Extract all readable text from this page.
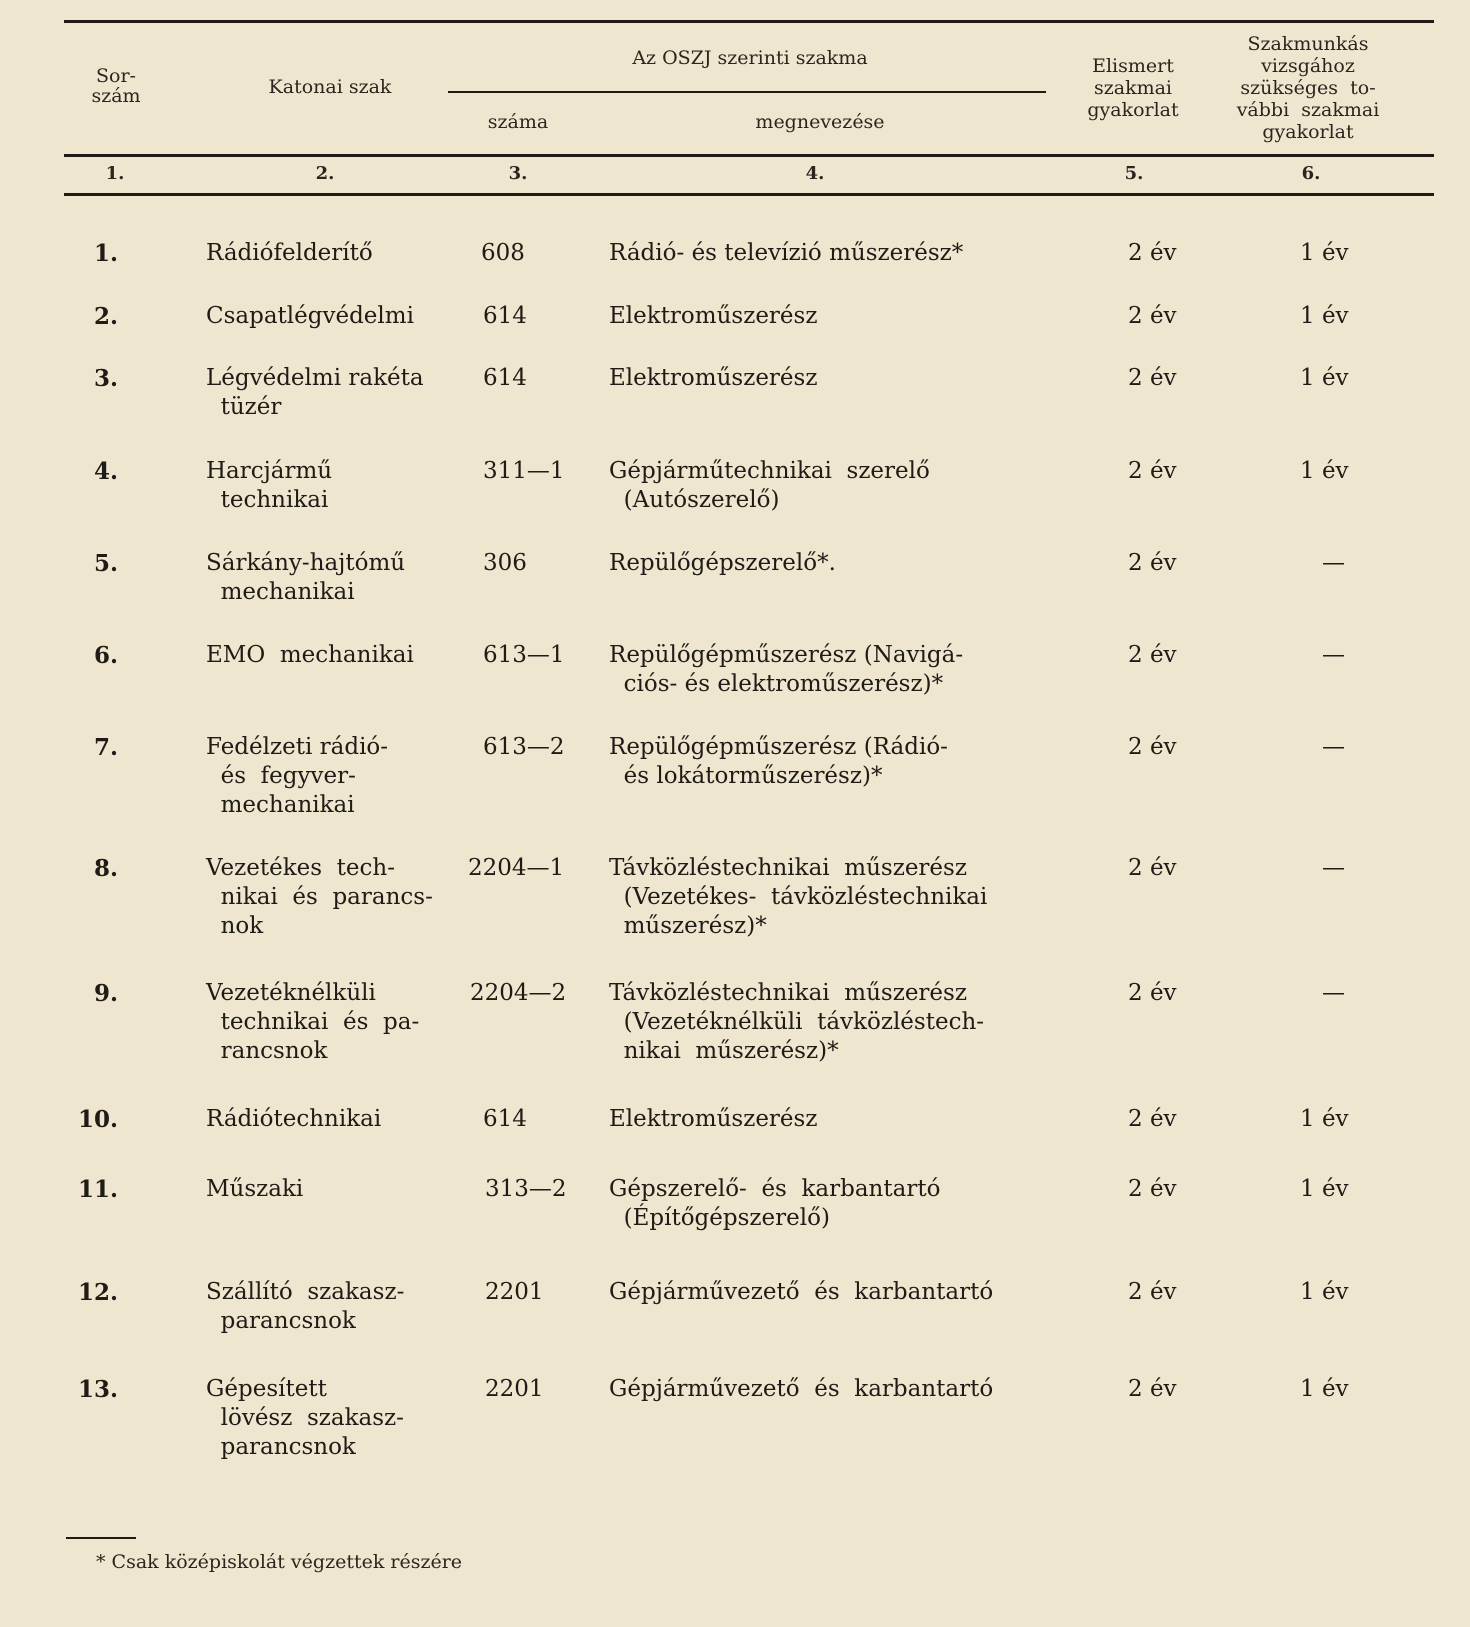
Sor-
szám	Katonai szak
Az OSZJ szerinti szakma
száma	megnevezése
Elismert
szakmai
gyakorlat
Szakmunkás
vizsgához
szükséges  to-
vábbi  szakmai
gyakorlat
1.	2.	3.	4.	5.	6.
1.	Rádiófelderítő	608	Rádió- és televízió műszerész*	2 év	1 év
2.	Csapatlégvédelmi	614	Elektroműszerész	2 év	1 év
3.	Légvédelmi rakéta
tüzér
614	Elektroműszerész	2 év	1 év
4.	Harcjármű
technikai
311—1	Gépjárműtechnikai  szerelő
(Autószerelő)
2 év	1 év
5.	Sárkány-hajtómű
mechanikai
306	Repülőgépszerelő*.	2 év	—
6.	EMO  mechanikai	613—1	Repülőgépműszerész (Navigá-
ciós- és elektroműszerész)*
2 év	—
7.	Fedélzeti rádió-
és  fegyver-
mechanikai
613—2	Repülőgépműszerész (Rádió-
és lokátorműszerész)*
2 év	—
8.	Vezetékes  tech-
nikai  és  parancs-
nok
2204—1	Távközléstechnikai  műszerész
(Vezetékes-  távközléstechnikai
műszerész)*
2 év	—
9.	Vezetéknélküli
technikai  és  pa-
rancsnok
2204—2	Távközléstechnikai  műszerész
(Vezetéknélküli  távközléstech-
nikai  műszerész)*
2 év	—
10.	Rádiótechnikai	614	Elektroműszerész	2 év	1 év
11.	Műszaki	313—2	Gépszerelő-  és  karbantartó
(Építőgépszerelő)
2 év	1 év
12.	Szállító  szakasz-
parancsnok
2201	Gépjárművezető  és  karbantartó	2 év	1 év
13.	Gépesített
lövész  szakasz-
parancsnok
2201	Gépjárművezető  és  karbantartó	2 év	1 év
* Csak középiskolát végzettek részére
